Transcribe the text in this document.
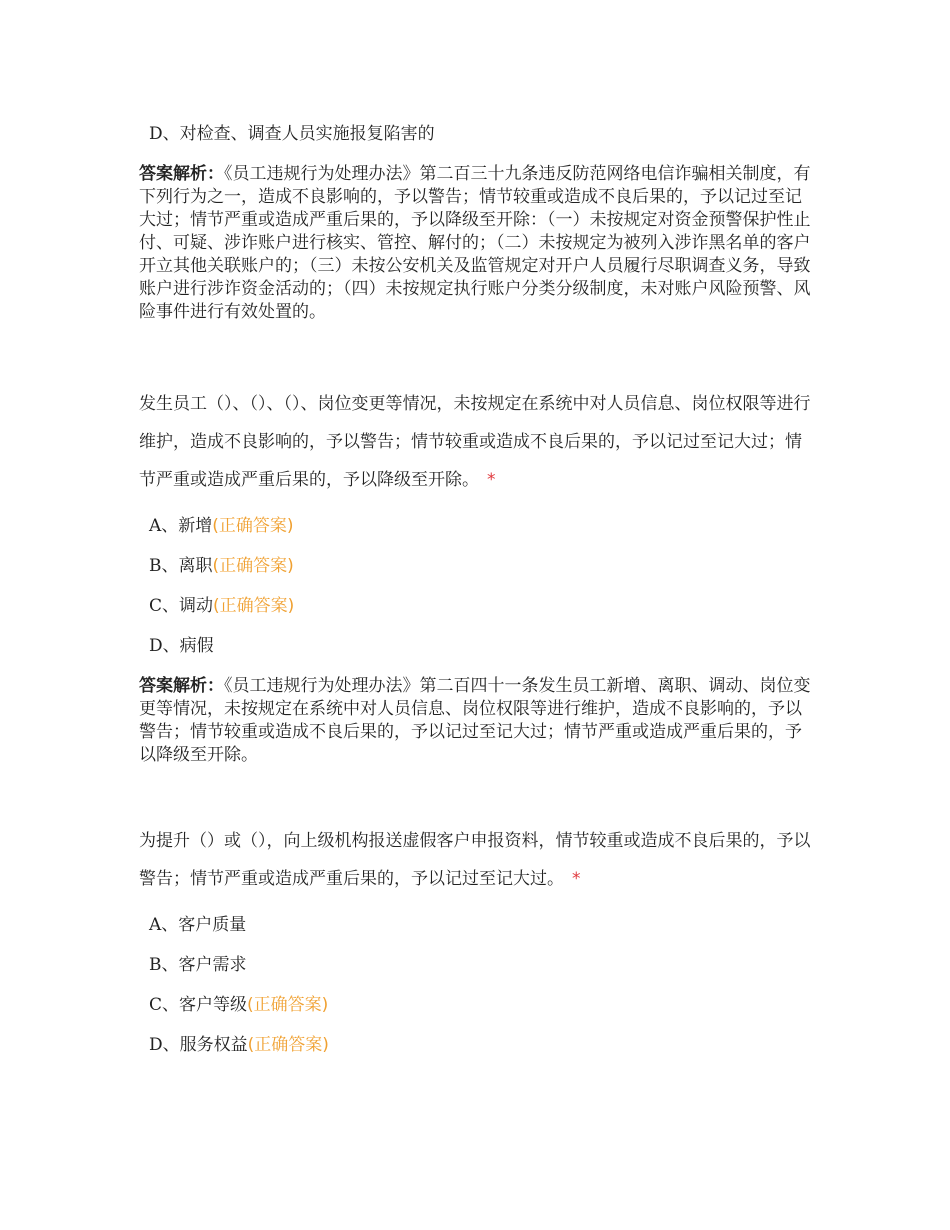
D、对检查、调查人员实施报复陷害的

答案解析：《员工违规行为处理办法》第二百三十九条违反防范网络电信诈骗相关制度，有下列行为之一，造成不良影响的，予以警告；情节较重或造成不良后果的，予以记过至记大过；情节严重或造成严重后果的，予以降级至开除：（一）未按规定对资金预警保护性止付、可疑、涉诈账户进行核实、管控、解付的；（二）未按规定为被列入涉诈黑名单的客户开立其他关联账户的；（三）未按公安机关及监管规定对开户人员履行尽职调查义务，导致账户进行涉诈资金活动的；（四）未按规定执行账户分类分级制度，未对账户风险预警、风险事件进行有效处置的。

发生员工（）、（）、（）、岗位变更等情况，未按规定在系统中对人员信息、岗位权限等进行维护，造成不良影响的，予以警告；情节较重或造成不良后果的，予以记过至记大过；情节严重或造成严重后果的，予以降级至开除。 *

A、新增(正确答案)
B、离职(正确答案)
C、调动(正确答案)
D、病假

答案解析：《员工违规行为处理办法》第二百四十一条发生员工新增、离职、调动、岗位变更等情况，未按规定在系统中对人员信息、岗位权限等进行维护，造成不良影响的，予以警告；情节较重或造成不良后果的，予以记过至记大过；情节严重或造成严重后果的，予以降级至开除。

为提升（）或（），向上级机构报送虚假客户申报资料，情节较重或造成不良后果的，予以警告；情节严重或造成严重后果的，予以记过至记大过。 *

A、客户质量
B、客户需求
C、客户等级(正确答案)
D、服务权益(正确答案)
